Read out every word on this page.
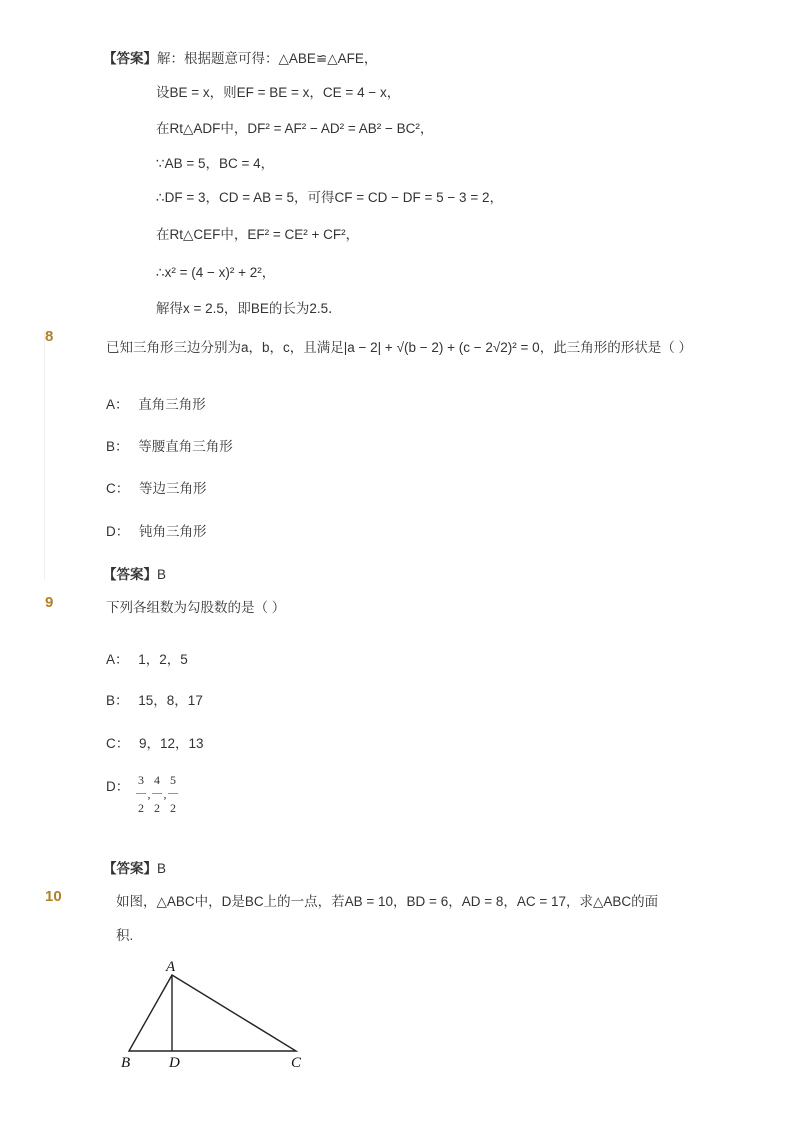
【答案】解：根据题意可得：△ABE≌△AFE，
设BE = x，则EF = BE = x，CE = 4 − x，
在Rt△ADF中，DF² = AF² − AD² = AB² − BC²，
∵AB = 5，BC = 4，
∴DF = 3，CD = AB = 5，可得CF = CD − DF = 5 − 3 = 2，
在Rt△CEF中，EF² = CE² + CF²，
∴x² = (4 − x)² + 2²，
解得x = 2.5，即BE的长为2.5．
8
已知三角形三边分别为a，b，c，且满足|a − 2| + √(b − 2) + (c − 2√2)² = 0，此三角形的形状是（ ）
A： 直角三角形
B： 等腰直角三角形
C： 等边三角形
D： 钝角三角形
【答案】B
9	下列各组数为勾股数的是（ ）
A： 1，2，5
B： 15，8，17
C： 9，12，13
D： 3
—
2,4
—
2,5
—
2
【答案】B
10	如图，△ABC中，D是BC上的一点，若AB = 10，BD = 6，AD = 8，AC = 17，求△ABC的面
积.
A
B	D	C
